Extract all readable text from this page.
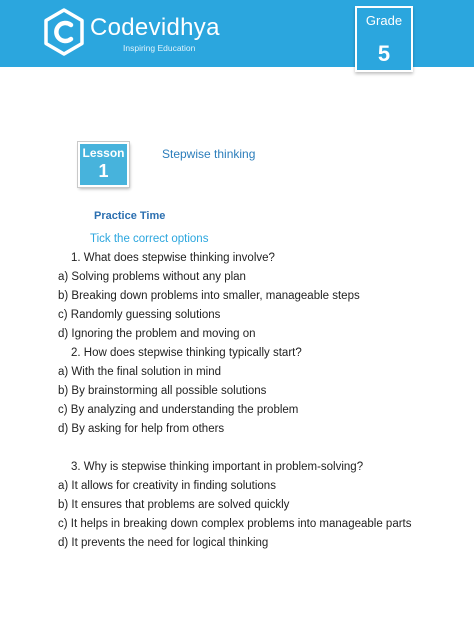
Codevidhya
Inspiring Education
Grade
5
Lesson
1
Stepwise thinking
Practice Time
Tick the correct options
1. What does stepwise thinking involve?
a) Solving problems without any plan
b) Breaking down problems into smaller, manageable steps
c) Randomly guessing solutions
d) Ignoring the problem and moving on
2. How does stepwise thinking typically start?
a) With the final solution in mind
b) By brainstorming all possible solutions
c) By analyzing and understanding the problem
d) By asking for help from others
3. Why is stepwise thinking important in problem-solving?
a) It allows for creativity in finding solutions
b) It ensures that problems are solved quickly
c) It helps in breaking down complex problems into manageable parts
d) It prevents the need for logical thinking
